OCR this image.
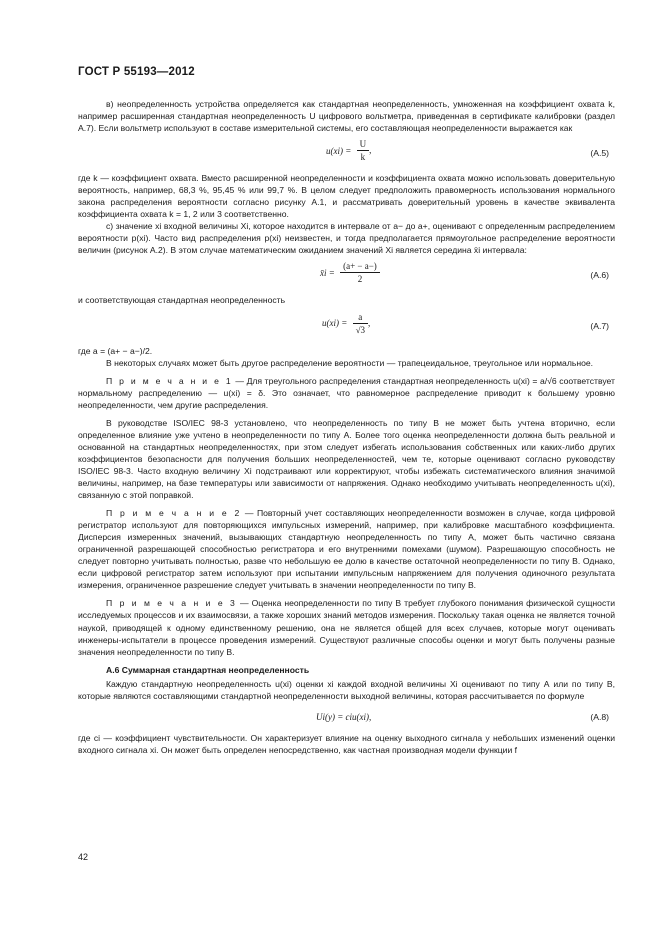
ГОСТ Р 55193—2012

в) неопределенность устройства определяется как стандартная неопределенность, умноженная на коэффициент охвата k, например расширенная стандартная неопределенность U цифрового вольтметра, приведенная в сертификате калибровки (раздел А.7). Если вольтметр используют в составе измерительной системы, его составляющая неопределенности выражается как

$u(xi) = \frac{U}{k}$ ,	(А.5)

где k — коэффициент охвата. Вместо расширенной неопределенности и коэффициента охвата можно использовать доверительную вероятность, например, 68,3 %, 95,45 % или 99,7 %. В целом следует предположить правомерность использования нормального закона распределения вероятности согласно рисунку А.1, и рассматривать доверительный уровень в качестве эквивалента коэффициента охвата k = 1, 2 или 3 соответственно.

с) значение xi входной величины Xi, которое находится в интервале от a− до a+, оценивают с определенным распределением вероятности p(xi). Часто вид распределения p(xi) неизвестен, и тогда предполагается прямоугольное распределение вероятности величин (рисунок А.2). В этом случае математическим ожиданием значений Xi является середина x̄i интервала:

x̄i = $\frac{(a+ - a-)}{2}$	(А.6)

и соответствующая стандартная неопределенность

$u(xi) = \frac{a}{√3}$ ,	(А.7)

где a = (a+ − a−)/2.

В некоторых случаях может быть другое распределение вероятности — трапецеидальное, треугольное или нормальное.

П р и м е ч а н и е 1 — Для треугольного распределения стандартная неопределенность u(xi) = a/√6 соответствует нормальному распределению — u(xi) = δ. Это означает, что равномерное распределение приводит к большему уровню неопределенности, чем другие распределения.

В руководстве ISO/IEC 98-3 установлено, что неопределенность по типу В не может быть учтена вторично, если определенное влияние уже учтено в неопределенности по типу А. Более того оценка неопределенности должна быть реальной и основанной на стандартных неопределенностях, при этом следует избегать использования собственных или каких-либо других коэффициентов безопасности для получения больших неопределенностей, чем те, которые оценивают согласно руководству ISO/IEC 98-3. Часто входную величину Xi подстраивают или корректируют, чтобы избежать систематического влияния значимой величины, например, на базе температуры или зависимости от напряжения. Однако необходимо учитывать неопределенность u(xi), связанную с этой поправкой.

П р и м е ч а н и е 2 — Повторный учет составляющих неопределенности возможен в случае, когда цифровой регистратор используют для повторяющихся импульсных измерений, например, при калибровке масштабного коэффициента. Дисперсия измеренных значений, вызывающих стандартную неопределенность по типу А, может быть частично связана ограниченной разрешающей способностью регистратора и его внутренними помехами (шумом). Разрешающую способность не следует повторно учитывать полностью, разве что небольшую ее долю в качестве остаточной неопределенности по типу В. Однако, если цифровой регистратор затем используют при испытании импульсным напряжением для получения одиночного результата измерения, ограниченное разрешение следует учитывать в значении неопределенности по типу В.

П р и м е ч а н и е 3 — Оценка неопределенности по типу В требует глубокого понимания физической сущности исследуемых процессов и их взаимосвязи, а также хороших знаний методов измерения. Поскольку такая оценка не является точной наукой, приводящей к одному единственному решению, она не является общей для всех случаев, которые могут оценивать инженеры-испытатели в процессе проведения измерений. Существуют различные способы оценки и могут быть получены разные значения неопределенности по типу В.

А.6 Суммарная стандартная неопределенность

Каждую стандартную неопределенность u(xi) оценки xi каждой входной величины Xi оценивают по типу А или по типу В, которые являются составляющими стандартной неопределенности выходной величины, которая рассчитывается по формуле

Ui(y) = ciu(xi),	(А.8)

где ci — коэффициент чувствительности. Он характеризует влияние на оценку выходного сигнала y небольших изменений оценки входного сигнала xi. Он может быть определен непосредственно, как частная производная модели функции f

42
